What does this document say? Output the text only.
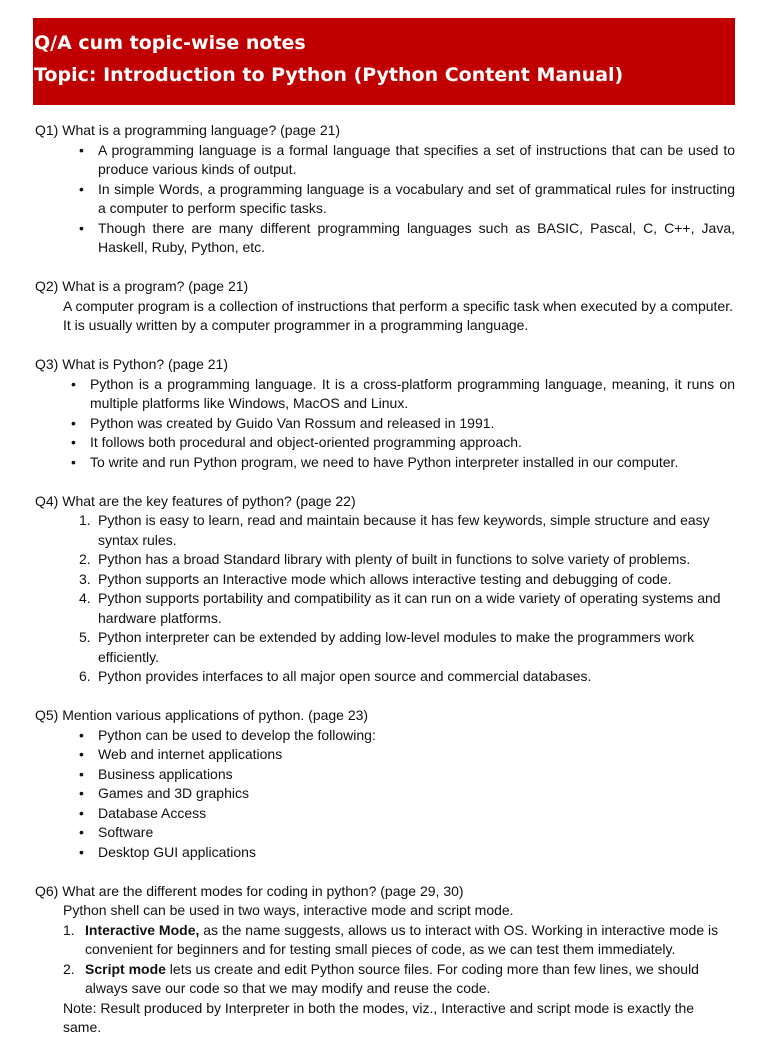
Q/A cum topic-wise notes
Topic: Introduction to Python (Python Content Manual)

Q1) What is a programming language? (page 21)

• A programming language is a formal language that specifies a set of instructions that can be used to produce various kinds of output.
• In simple Words, a programming language is a vocabulary and set of grammatical rules for instructing a computer to perform specific tasks.
• Though there are many different programming languages such as BASIC, Pascal, C, C++, Java, Haskell, Ruby, Python, etc.

Q2) What is a program? (page 21)

A computer program is a collection of instructions that perform a specific task when executed by a computer.
It is usually written by a computer programmer in a programming language.

Q3) What is Python? (page 21)

• Python is a programming language. It is a cross-platform programming language, meaning, it runs on multiple platforms like Windows, MacOS and Linux.
• Python was created by Guido Van Rossum and released in 1991.
• It follows both procedural and object-oriented programming approach.
• To write and run Python program, we need to have Python interpreter installed in our computer.

Q4) What are the key features of python? (page 22)

1. Python is easy to learn, read and maintain because it has few keywords, simple structure and easy syntax rules.
2. Python has a broad Standard library with plenty of built in functions to solve variety of problems.
3. Python supports an Interactive mode which allows interactive testing and debugging of code.
4. Python supports portability and compatibility as it can run on a wide variety of operating systems and hardware platforms.
5. Python interpreter can be extended by adding low-level modules to make the programmers work efficiently.
6. Python provides interfaces to all major open source and commercial databases.

Q5) Mention various applications of python. (page 23)

• Python can be used to develop the following:
• Web and internet applications
• Business applications
• Games and 3D graphics
• Database Access
• Software
• Desktop GUI applications

Q6) What are the different modes for coding in python? (page 29, 30)

Python shell can be used in two ways, interactive mode and script mode.
1. Interactive Mode, as the name suggests, allows us to interact with OS. Working in interactive mode is convenient for beginners and for testing small pieces of code, as we can test them immediately.
2. Script mode lets us create and edit Python source files. For coding more than few lines, we should always save our code so that we may modify and reuse the code.
Note: Result produced by Interpreter in both the modes, viz., Interactive and script mode is exactly the same.
